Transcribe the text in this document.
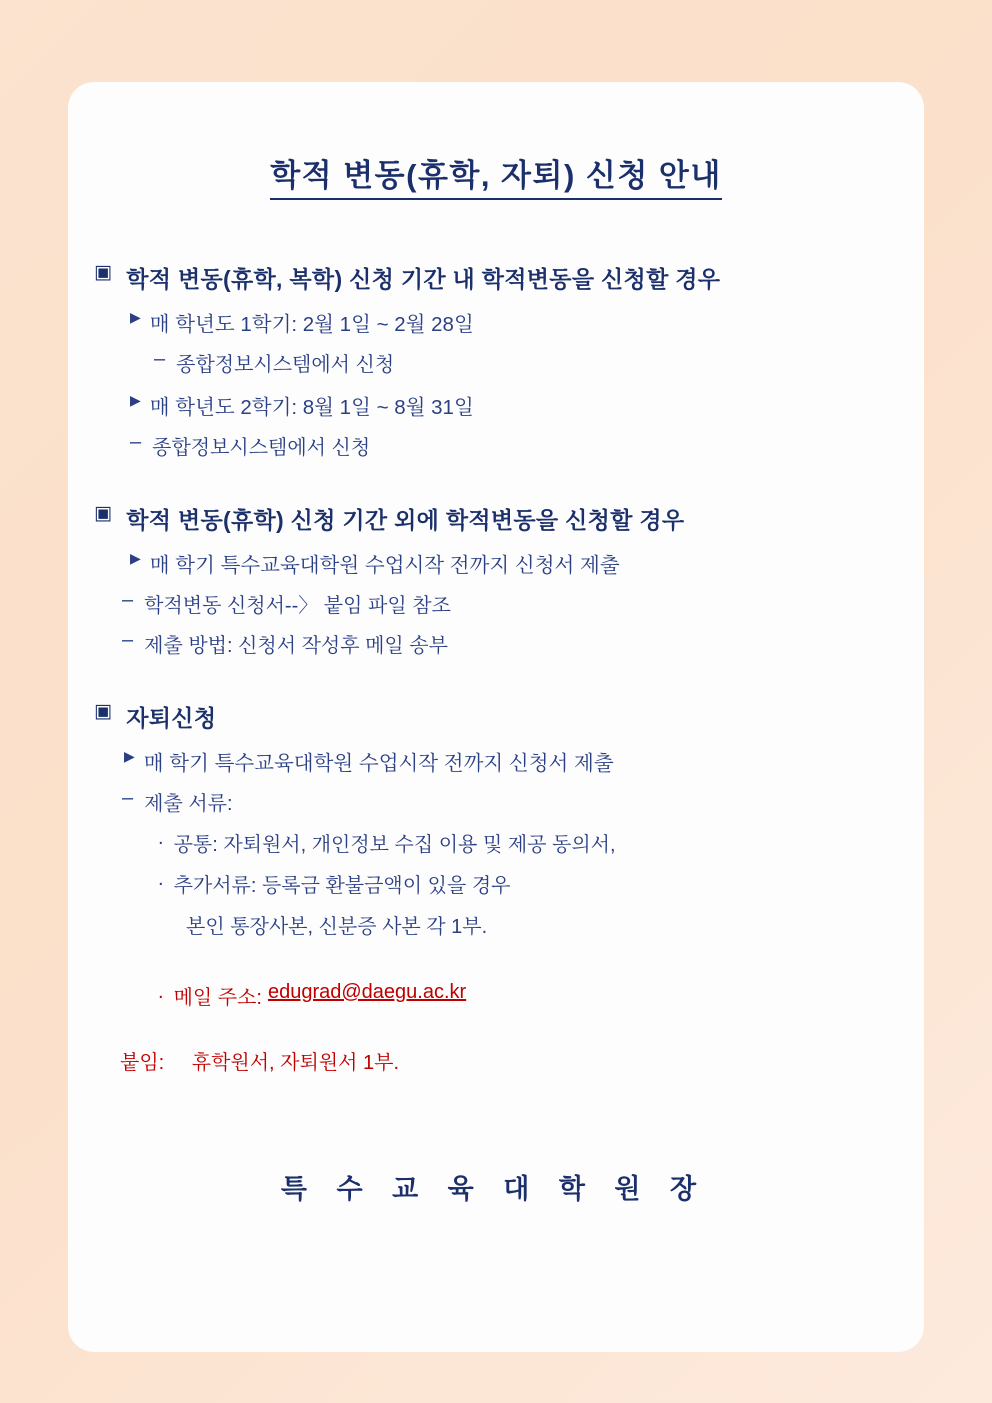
학적 변동(휴학, 자퇴) 신청 안내
▣ 학적 변동(휴학, 복학) 신청 기간 내 학적변동을 신청할 경우
▶ 매 학년도 1학기: 2월 1일 ~ 2월 28일
– 종합정보시스템에서 신청
▶ 매 학년도 2학기: 8월 1일 ~ 8월 31일
– 종합정보시스템에서 신청
▣ 학적 변동(휴학) 신청 기간 외에 학적변동을 신청할 경우
▶ 매 학기 특수교육대학원 수업시작 전까지 신청서 제출
– 학적변동 신청서--〉 붙임 파일 참조
– 제출 방법: 신청서 작성후 메일 송부
▣ 자퇴신청
▶ 매 학기 특수교육대학원 수업시작 전까지 신청서 제출
– 제출 서류:
. 공통: 자퇴원서, 개인정보 수집 이용 및 제공 동의서,
. 추가서류: 등록금 환불금액이 있을 경우
본인 통장사본, 신분증 사본 각 1부.
. 메일 주소: edugrad@daegu.ac.kr
붙임: 휴학원서, 자퇴원서 1부.
특 수 교 육 대 학 원 장
